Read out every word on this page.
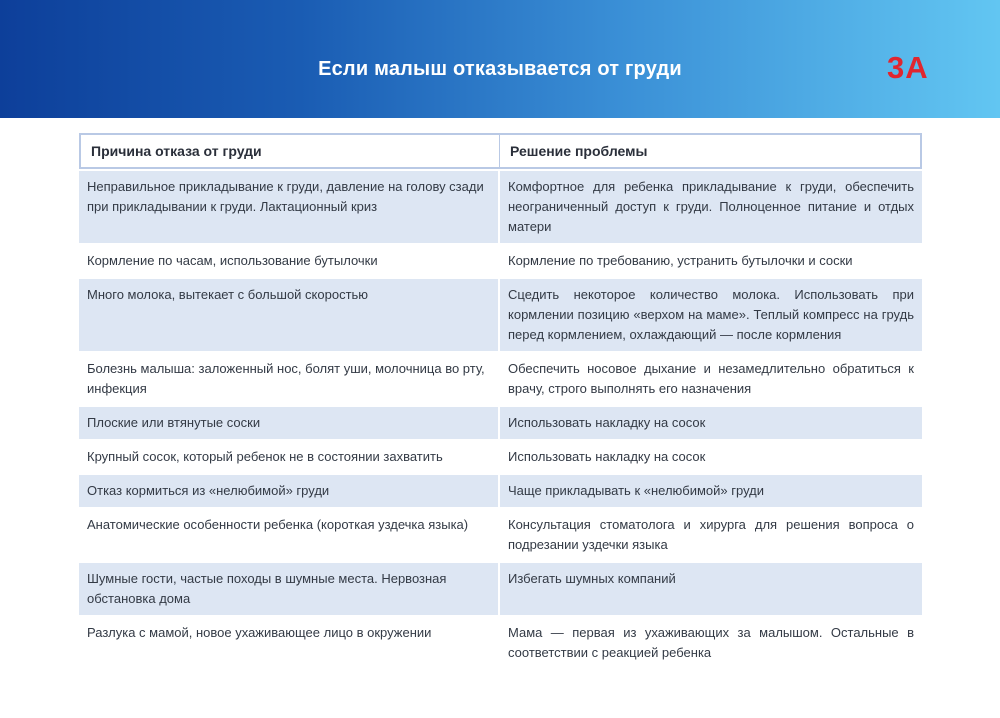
Если малыш отказывается от груди	3А
Причина отказа от груди	Решение проблемы
Неправильное прикладывание к груди, давление на голову сзади при прикладывании к груди. Лактационный криз	Комфортное для ребенка прикладывание к груди, обеспечить неограниченный доступ к груди. Полноценное питание и отдых матери
Кормление по часам, использование бутылочки	Кормление по требованию, устранить бутылочки и соски
Много молока, вытекает с большой скоростью	Сцедить некоторое количество молока. Использовать при кормлении позицию «верхом на маме». Теплый компресс на грудь перед кормлением, охлаждающий — после кормления
Болезнь малыша: заложенный нос, болят уши, молочница во рту, инфекция	Обеспечить носовое дыхание и незамедлительно обратиться к врачу, строго выполнять его назначения
Плоские или втянутые соски	Использовать накладку на сосок
Крупный сосок, который ребенок не в состоянии захватить	Использовать накладку на сосок
Отказ кормиться из «нелюбимой» груди	Чаще прикладывать к «нелюбимой» груди
Анатомические особенности ребенка (короткая уздечка языка)	Консультация стоматолога и хирурга для решения вопроса о подрезании уздечки языка
Шумные гости, частые походы в шумные места. Нервозная обстановка дома	Избегать шумных компаний
Разлука с мамой, новое ухаживающее лицо в окружении	Мама — первая из ухаживающих за малышом. Остальные в соответствии с реакцией ребенка
